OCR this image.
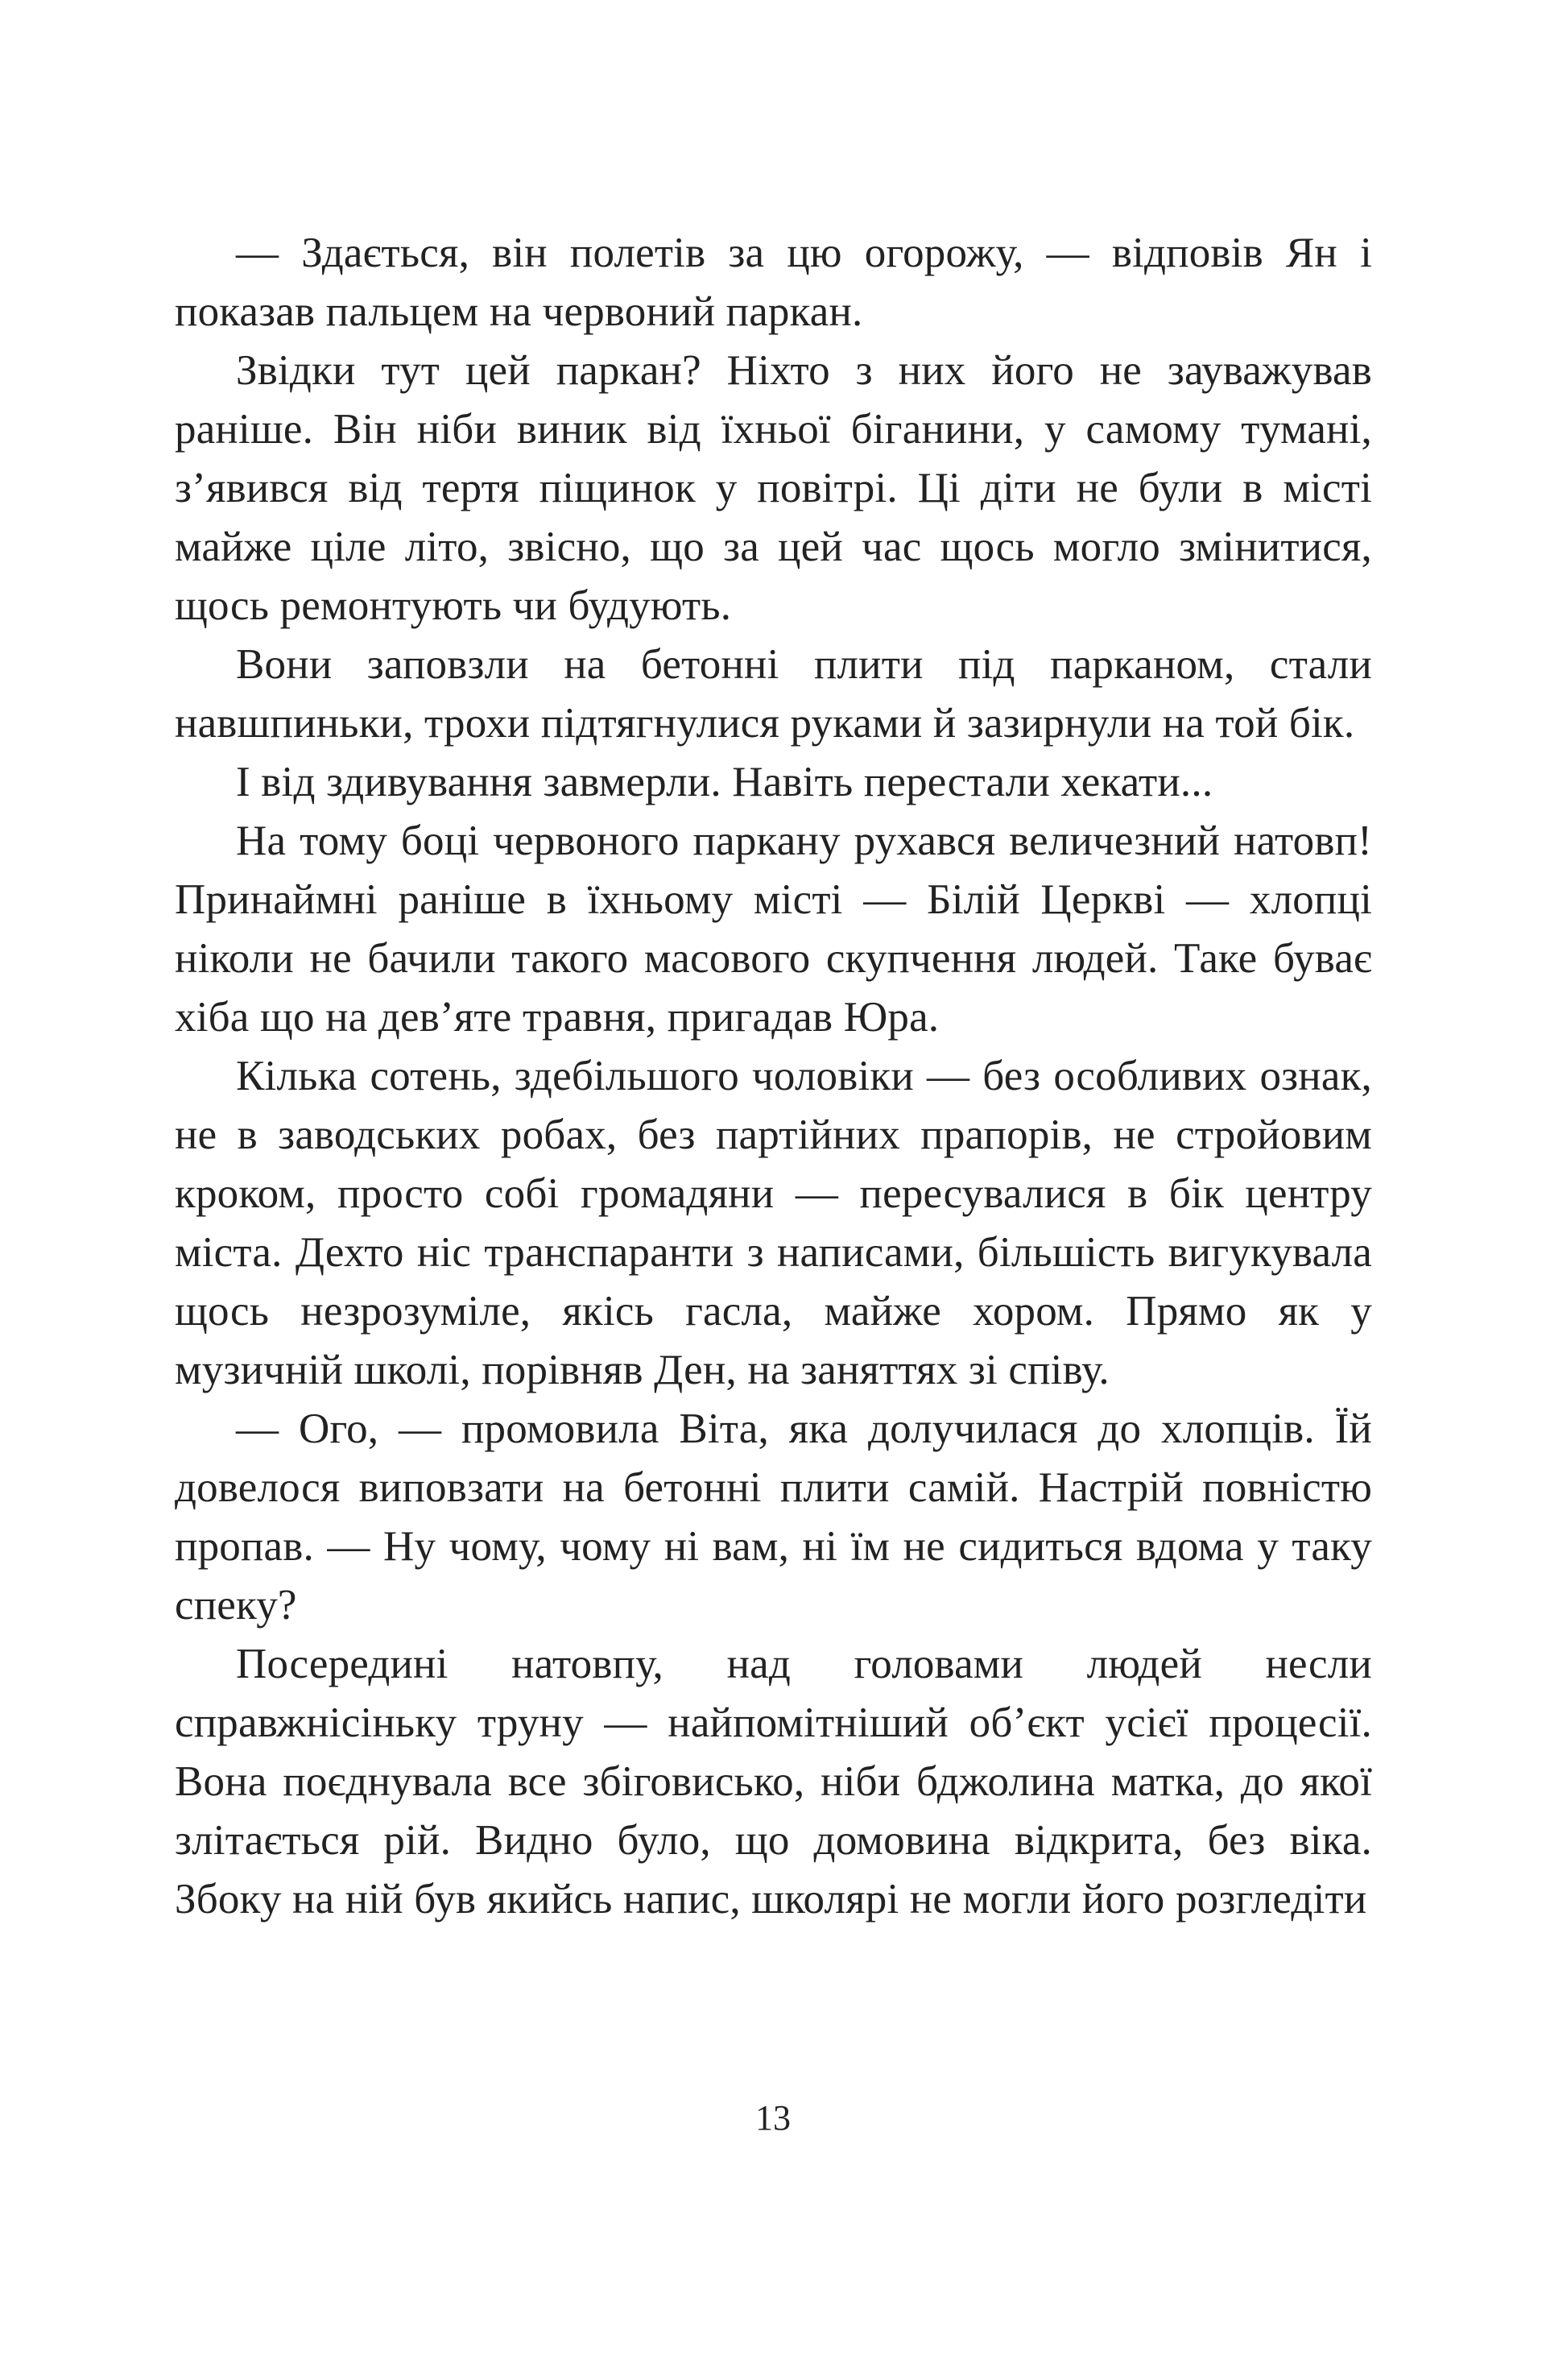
— Здається, він полетів за цю огорожу, — відповів Ян і показав пальцем на червоний паркан.

Звідки тут цей паркан? Ніхто з них його не зауважував раніше. Він ніби виник від їхньої біганини, у самому тумані, з’явився від тертя піщинок у повітрі. Ці діти не були в місті майже ціле літо, звісно, що за цей час щось могло змінитися, щось ремонтують чи будують.

Вони заповзли на бетонні плити під парканом, стали навшпиньки, трохи підтягнулися руками й зазирнули на той бік.

І від здивування завмерли. Навіть перестали хекати...

На тому боці червоного паркану рухався величезний натовп! Принаймні раніше в їхньому місті — Білій Церкві — хлопці ніколи не бачили такого масового скупчення людей. Таке буває хіба що на дев’яте травня, пригадав Юра.

Кілька сотень, здебільшого чоловіки — без особливих ознак, не в заводських робах, без партійних прапорів, не стройовим кроком, просто собі громадяни — пересувалися в бік центру міста. Дехто ніс транспаранти з написами, більшість вигукувала щось незрозуміле, якісь гасла, майже хором. Прямо як у музичній школі, порівняв Ден, на заняттях зі співу.

— Ого, — промовила Віта, яка долучилася до хлопців. Їй довелося виповзати на бетонні плити самій. Настрій повністю пропав. — Ну чому, чому ні вам, ні їм не сидиться вдома у таку спеку?

Посередині натовпу, над головами людей несли справжнісіньку труну — найпомітніший об’єкт усієї процесії. Вона поєднувала все збіговисько, ніби бджолина матка, до якої злітається рій. Видно було, що домовина відкрита, без віка. Збоку на ній був якийсь напис, школярі не могли його розгледіти

13
